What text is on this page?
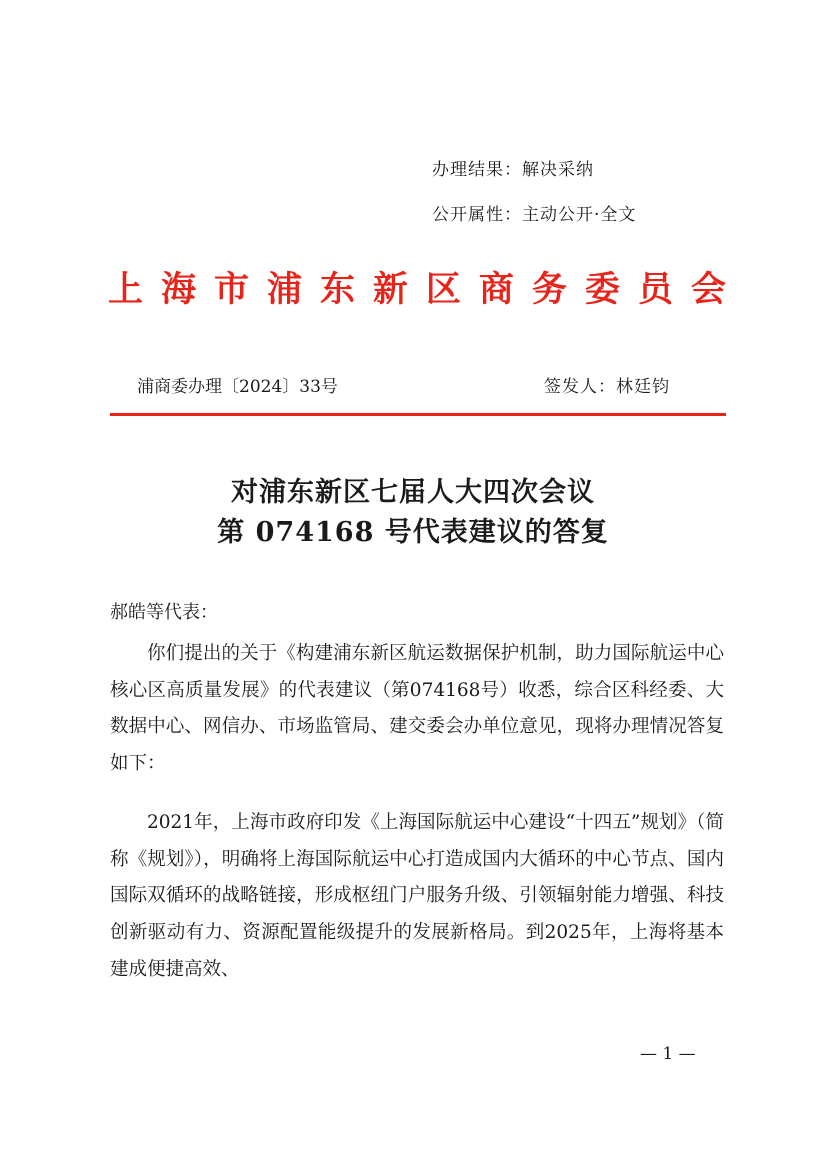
办理结果：解决采纳
公开属性：主动公开·全文
上 海 市 浦 东 新 区 商 务 委 员 会
浦商委办理〔2024〕33号	签发人：林廷钧
对浦东新区七届人大四次会议
第 074168 号代表建议的答复
郝皓等代表：

你们提出的关于《构建浦东新区航运数据保护机制，助力国际航运中心核心区高质量发展》的代表建议（第074168号）收悉，综合区科经委、大数据中心、网信办、市场监管局、建交委会办单位意见，现将办理情况答复如下：

2021年，上海市政府印发《上海国际航运中心建设“十四五”规划》（简称《规划》），明确将上海国际航运中心打造成国内大循环的中心节点、国内国际双循环的战略链接，形成枢纽门户服务升级、引领辐射能力增强、科技创新驱动有力、资源配置能级提升的发展新格局。到2025年，上海将基本建成便捷高效、

— 1 —
